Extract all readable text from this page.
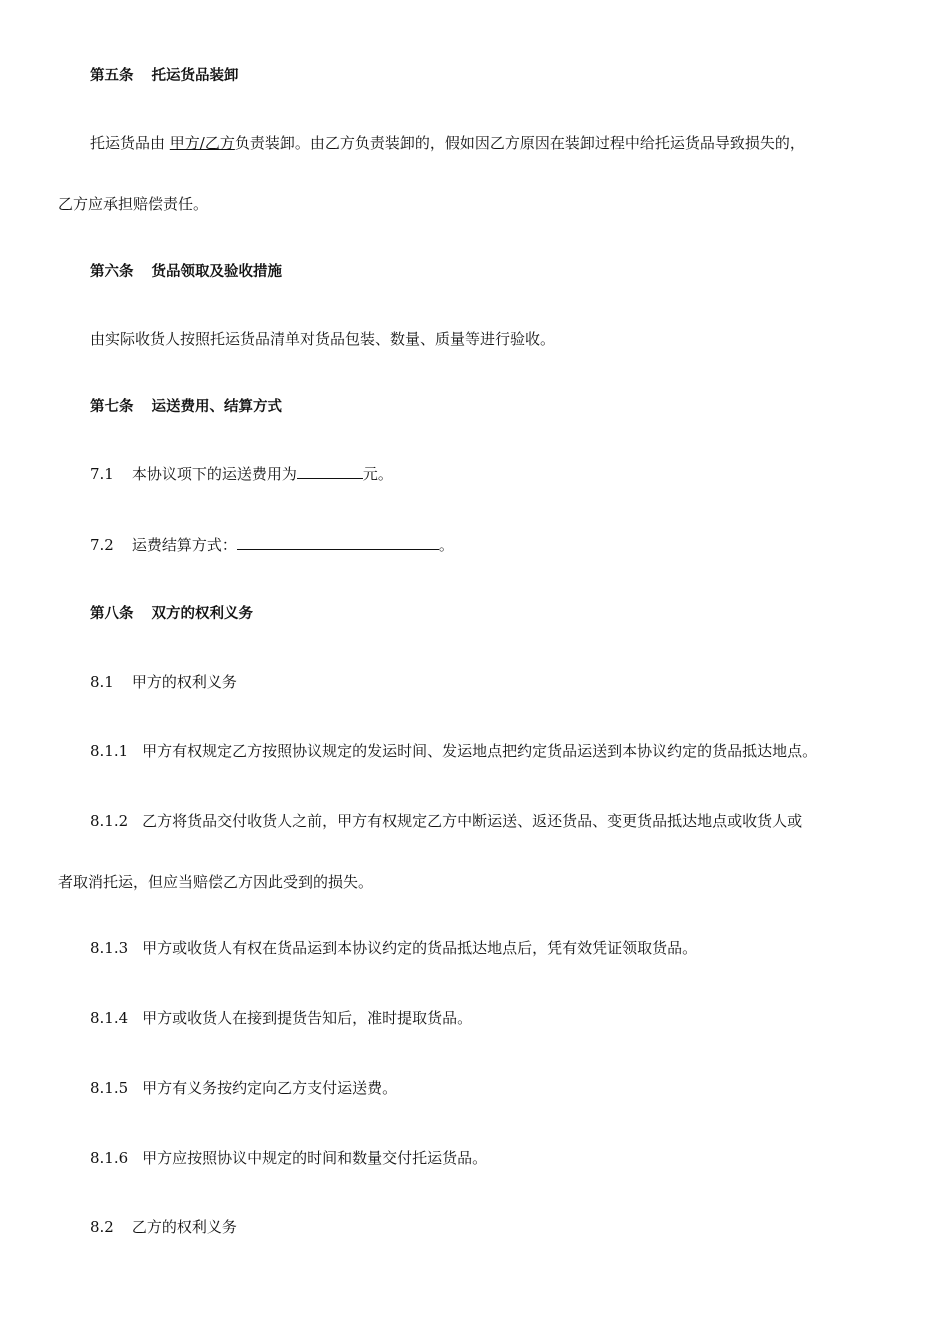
第五条 托运货品装卸
托运货品由 甲方/乙方负责装卸。由乙方负责装卸的，假如因乙方原因在装卸过程中给托运货品导致损失的，
乙方应承担赔偿责任。
第六条 货品领取及验收措施
由实际收货人按照托运货品清单对货品包装、数量、质量等进行验收。
第七条 运送费用、结算方式
7.1 本协议项下的运送费用为	元。
7.2 运费结算方式：	。
第八条 双方的权利义务
8.1 甲方的权利义务
8.1.1 甲方有权规定乙方按照协议规定的发运时间、发运地点把约定货品运送到本协议约定的货品抵达地点。
8.1.2 乙方将货品交付收货人之前，甲方有权规定乙方中断运送、返还货品、变更货品抵达地点或收货人或
者取消托运，但应当赔偿乙方因此受到的损失。
8.1.3 甲方或收货人有权在货品运到本协议约定的货品抵达地点后，凭有效凭证领取货品。
8.1.4 甲方或收货人在接到提货告知后，准时提取货品。
8.1.5 甲方有义务按约定向乙方支付运送费。
8.1.6 甲方应按照协议中规定的时间和数量交付托运货品。
8.2 乙方的权利义务
